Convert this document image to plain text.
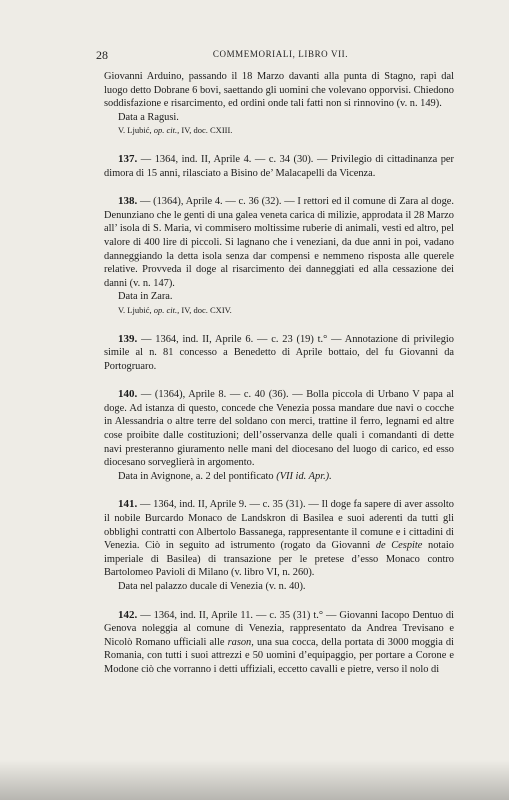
28	COMMEMORIALI, LIBRO VII.

Giovanni Arduino, passando il 18 Marzo davanti alla punta di Stagno, rapì dal luogo detto Dobrane 6 bovi, saettando gli uomini che volevano opporvisi. Chiedono soddisfazione e risarcimento, ed ordini onde tali fatti non si rinnovino (v. n. 149).

Data a Ragusi.

V. Ljubić, op. cit., IV, doc. CXIII.

137. — 1364, ind. II, Aprile 4. — c. 34 (30). — Privilegio di cittadinanza per dimora di 15 anni, rilasciato a Bisino de’ Malacapelli da Vicenza.

138. — (1364), Aprile 4. — c. 36 (32). — I rettori ed il comune di Zara al doge. Denunziano che le genti di una galea veneta carica di milizie, approdata il 28 Marzo all’ isola di S. Maria, vi commisero moltissime ruberie di animali, vesti ed altro, pel valore di 400 lire di piccoli. Si lagnano che i veneziani, da due anni in poi, vadano danneggiando la detta isola senza dar compensi e nemmeno risposta alle querele relative. Provveda il doge al risarcimento dei danneggiati ed alla cessazione dei danni (v. n. 147).

Data in Zara.

V. Ljubić, op. cit., IV, doc. CXIV.

139. — 1364, ind. II, Aprile 6. — c. 23 (19) t.° — Annotazione di privilegio simile al n. 81 concesso a Benedetto di Aprile bottaio, del fu Giovanni da Portogruaro.

140. — (1364), Aprile 8. — c. 40 (36). — Bolla piccola di Urbano V papa al doge. Ad istanza di questo, concede che Venezia possa mandare due navi o cocche in Alessandria o altre terre del soldano con merci, trattine il ferro, legnami ed altre cose proibite dalle costituzioni; dell’osservanza delle quali i comandanti di dette navi presteranno giuramento nelle mani del diocesano del luogo di carico, ed esso diocesano sorveglierà in argomento.

Data in Avignone, a. 2 del pontificato (VII id. Apr.).

141. — 1364, ind. II, Aprile 9. — c. 35 (31). — Il doge fa sapere di aver assolto il nobile Burcardo Monaco de Landskron di Basilea e suoi aderenti da tutti gli obblighi contratti con Albertolo Bassanega, rappresentante il comune e i cittadini di Venezia. Ciò in seguito ad istrumento (rogato da Giovanni de Cespite notaio imperiale di Basilea) di transazione per le pretese d’esso Monaco contro Bartolomeo Pavioli di Milano (v. libro VI, n. 260).

Data nel palazzo ducale di Venezia (v. n. 40).

142. — 1364, ind. II, Aprile 11. — c. 35 (31) t.° — Giovanni Iacopo Dentuo di Genova noleggia al comune di Venezia, rappresentato da Andrea Trevisano e Nicolò Romano ufficiali alle rason, una sua cocca, della portata di 3000 moggia di Romania, con tutti i suoi attrezzi e 50 uomini d’equipaggio, per portare a Corone e Modone ciò che vorranno i detti uffiziali, eccetto cavalli e pietre, verso il nolo di
